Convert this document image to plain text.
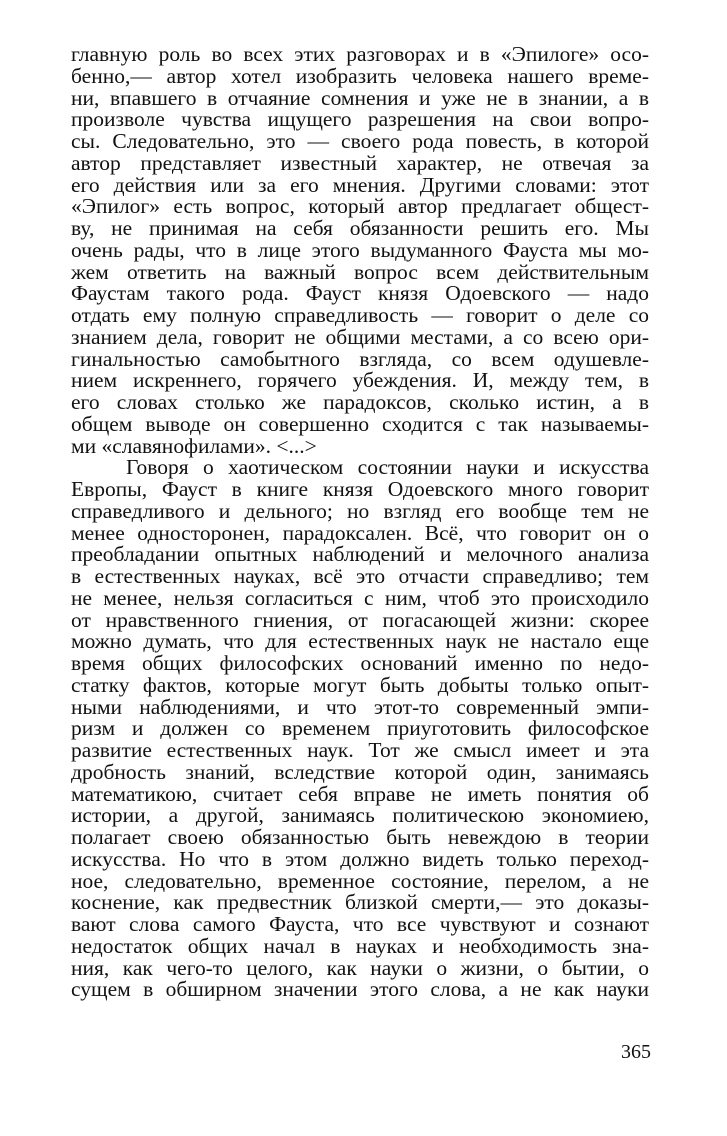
главную роль во всех этих разговорах и в «Эпилоге» осо-
бенно,— автор хотел изобразить человека нашего време-
ни, впавшего в отчаяние сомнения и уже не в знании, а в
произволе чувства ищущего разрешения на свои вопро-
сы. Следовательно, это — своего рода повесть, в которой
автор представляет известный характер, не отвечая за
его действия или за его мнения. Другими словами: этот
«Эпилог» есть вопрос, который автор предлагает общест-
ву, не принимая на себя обязанности решить его. Мы
очень рады, что в лице этого выдуманного Фауста мы мо-
жем ответить на важный вопрос всем действительным
Фаустам такого рода. Фауст князя Одоевского — надо
отдать ему полную справедливость — говорит о деле со
знанием дела, говорит не общими местами, а со всею ори-
гинальностью самобытного взгляда, со всем одушевле-
нием искреннего, горячего убеждения. И, между тем, в
его словах столько же парадоксов, сколько истин, а в
общем выводе он совершенно сходится с так называемы-
ми «славянофилами». <...>
Говоря о хаотическом состоянии науки и искусства
Европы, Фауст в книге князя Одоевского много говорит
справедливого и дельного; но взгляд его вообще тем не
менее односторонен, парадоксален. Всё, что говорит он о
преобладании опытных наблюдений и мелочного анализа
в естественных науках, всё это отчасти справедливо; тем
не менее, нельзя согласиться с ним, чтоб это происходило
от нравственного гниения, от погасающей жизни: скорее
можно думать, что для естественных наук не настало еще
время общих философских оснований именно по недо-
статку фактов, которые могут быть добыты только опыт-
ными наблюдениями, и что этот-то современный эмпи-
ризм и должен со временем приуготовить философское
развитие естественных наук. Тот же смысл имеет и эта
дробность знаний, вследствие которой один, занимаясь
математикою, считает себя вправе не иметь понятия об
истории, а другой, занимаясь политическою экономиею,
полагает своею обязанностью быть невеждою в теории
искусства. Но что в этом должно видеть только переход-
ное, следовательно, временное состояние, перелом, а не
коснение, как предвестник близкой смерти,— это доказы-
вают слова самого Фауста, что все чувствуют и сознают
недостаток общих начал в науках и необходимость зна-
ния, как чего-то целого, как науки о жизни, о бытии, о
сущем в обширном значении этого слова, а не как науки
365
